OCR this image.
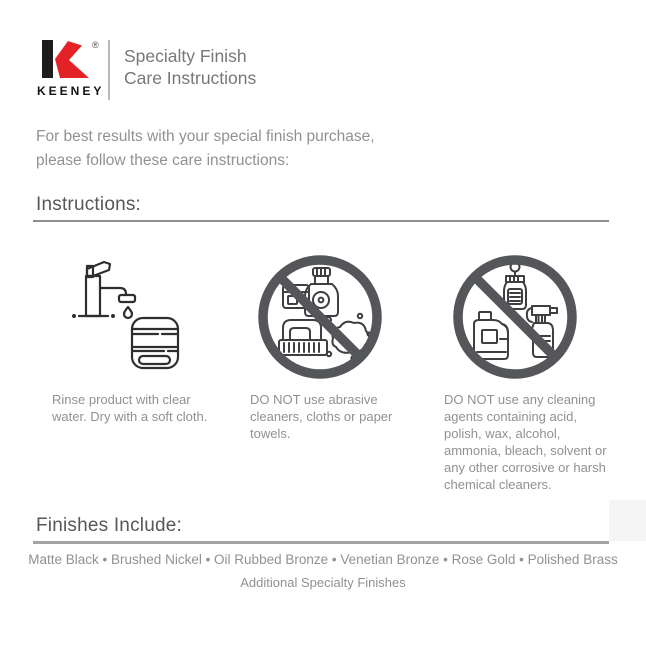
®
KEENEY
Specialty Finish
Care Instructions
For best results with your special finish purchase,
please follow these care instructions:
Instructions:
Rinse product with clear water. Dry with a soft cloth.
DO NOT use abrasive cleaners, cloths or paper towels.
DO NOT use any cleaning agents containing acid, polish, wax, alcohol, ammonia, bleach, solvent or any other corrosive or harsh chemical cleaners.
Finishes Include:
Matte Black • Brushed Nickel • Oil Rubbed Bronze • Venetian Bronze • Rose Gold • Polished Brass
Additional Specialty Finishes
